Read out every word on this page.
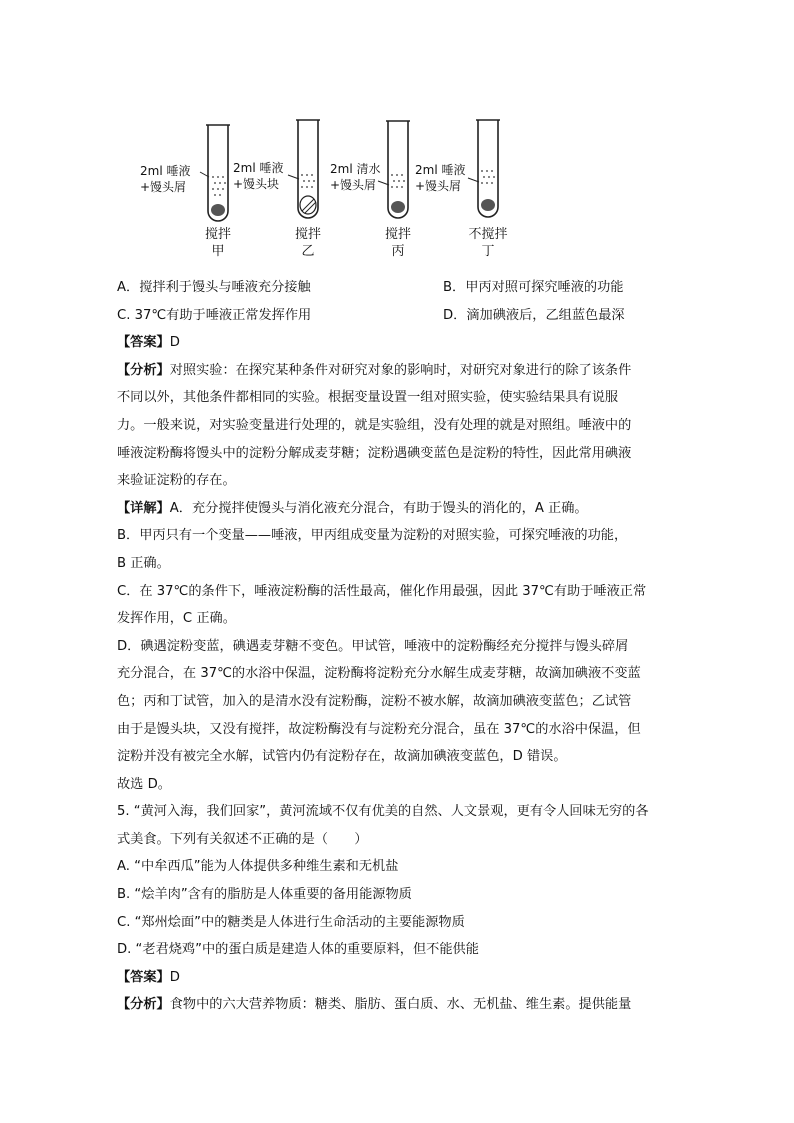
2ml 唾液
+馒头屑
2ml 唾液
+馒头块
2ml 清水
+馒头屑
2ml 唾液
+馒头屑
搅拌
甲
搅拌
乙
搅拌
丙
不搅拌
丁
A．搅拌利于馒头与唾液充分接触	B．甲丙对照可探究唾液的功能
C. 37℃有助于唾液正常发挥作用	D．滴加碘液后，乙组蓝色最深
【答案】D
【分析】对照实验：在探究某种条件对研究对象的影响时，对研究对象进行的除了该条件
不同以外，其他条件都相同的实验。根据变量设置一组对照实验，使实验结果具有说服
力。一般来说，对实验变量进行处理的，就是实验组，没有处理的就是对照组。唾液中的
唾液淀粉酶将馒头中的淀粉分解成麦芽糖；淀粉遇碘变蓝色是淀粉的特性，因此常用碘液
来验证淀粉的存在。
【详解】A．充分搅拌使馒头与消化液充分混合，有助于馒头的消化的，A 正确。
B．甲丙只有一个变量——唾液，甲丙组成变量为淀粉的对照实验，可探究唾液的功能，
B 正确。
C．在 37℃的条件下，唾液淀粉酶的活性最高，催化作用最强，因此 37℃有助于唾液正常
发挥作用，C 正确。
D．碘遇淀粉变蓝，碘遇麦芽糖不变色。甲试管，唾液中的淀粉酶经充分搅拌与馒头碎屑
充分混合，在 37℃的水浴中保温，淀粉酶将淀粉充分水解生成麦芽糖，故滴加碘液不变蓝
色；丙和丁试管，加入的是清水没有淀粉酶，淀粉不被水解，故滴加碘液变蓝色；乙试管
由于是馒头块，又没有搅拌，故淀粉酶没有与淀粉充分混合，虽在 37℃的水浴中保温，但
淀粉并没有被完全水解，试管内仍有淀粉存在，故滴加碘液变蓝色，D 错误。
故选 D。
5. “黄河入海，我们回家”，黄河流域不仅有优美的自然、人文景观，更有令人回味无穷的各
式美食。下列有关叙述不正确的是（　　）
A. “中牟西瓜”能为人体提供多种维生素和无机盐
B. “烩羊肉”含有的脂肪是人体重要的备用能源物质
C. “郑州烩面”中的糖类是人体进行生命活动的主要能源物质
D. “老君烧鸡”中的蛋白质是建造人体的重要原料，但不能供能
【答案】D
【分析】食物中的六大营养物质：糖类、脂肪、蛋白质、水、无机盐、维生素。提供能量
